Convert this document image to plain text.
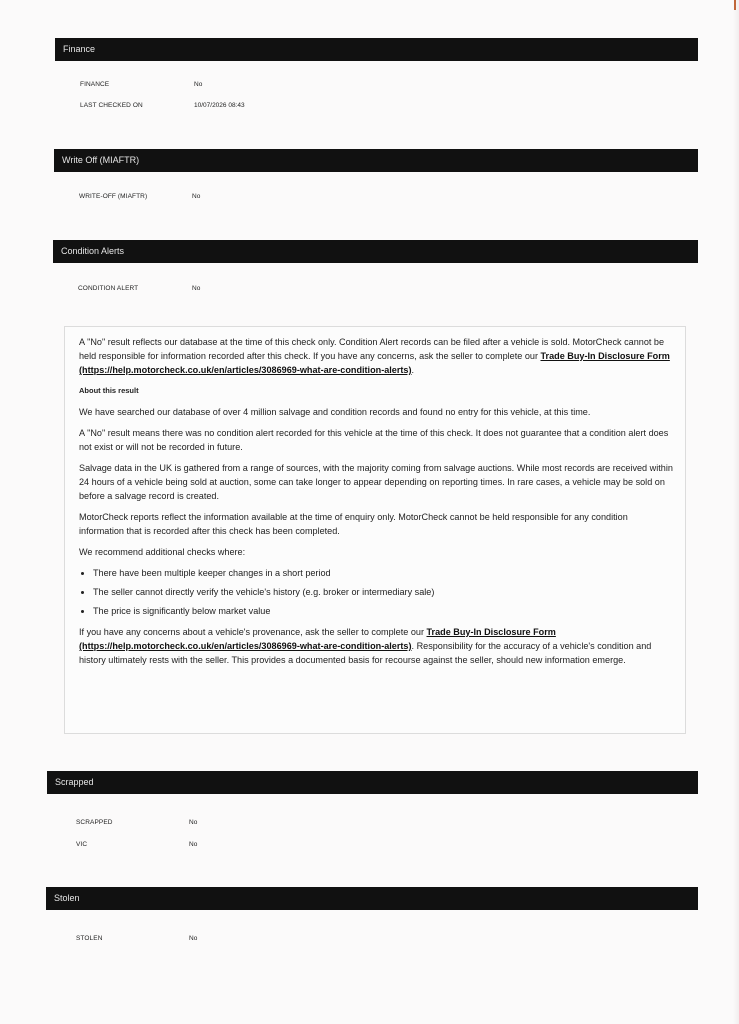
Finance
FINANCE	No
LAST CHECKED ON	10/07/2026 08:43
Write Off (MIAFTR)
WRITE-OFF (MIAFTR)	No
Condition Alerts
CONDITION ALERT	No

A "No" result reflects our database at the time of this check only. Condition Alert records can be filed after a vehicle is sold. MotorCheck cannot be held responsible for information recorded after this check. If you have any concerns, ask the seller to complete our Trade Buy-In Disclosure Form (https://help.motorcheck.co.uk/en/articles/3086969-what-are-condition-alerts).

About this result

We have searched our database of over 4 million salvage and condition records and found no entry for this vehicle, at this time.

A "No" result means there was no condition alert recorded for this vehicle at the time of this check. It does not guarantee that a condition alert does not exist or will not be recorded in future.

Salvage data in the UK is gathered from a range of sources, with the majority coming from salvage auctions. While most records are received within 24 hours of a vehicle being sold at auction, some can take longer to appear depending on reporting times. In rare cases, a vehicle may be sold on before a salvage record is created.

MotorCheck reports reflect the information available at the time of enquiry only. MotorCheck cannot be held responsible for any condition information that is recorded after this check has been completed.

We recommend additional checks where:

• There have been multiple keeper changes in a short period
• The seller cannot directly verify the vehicle's history (e.g. broker or intermediary sale)
• The price is significantly below market value

If you have any concerns about a vehicle's provenance, ask the seller to complete our Trade Buy-In Disclosure Form (https://help.motorcheck.co.uk/en/articles/3086969-what-are-condition-alerts). Responsibility for the accuracy of a vehicle's condition and history ultimately rests with the seller. This provides a documented basis for recourse against the seller, should new information emerge.

Scrapped
SCRAPPED	No
VIC	No
Stolen
STOLEN	No
